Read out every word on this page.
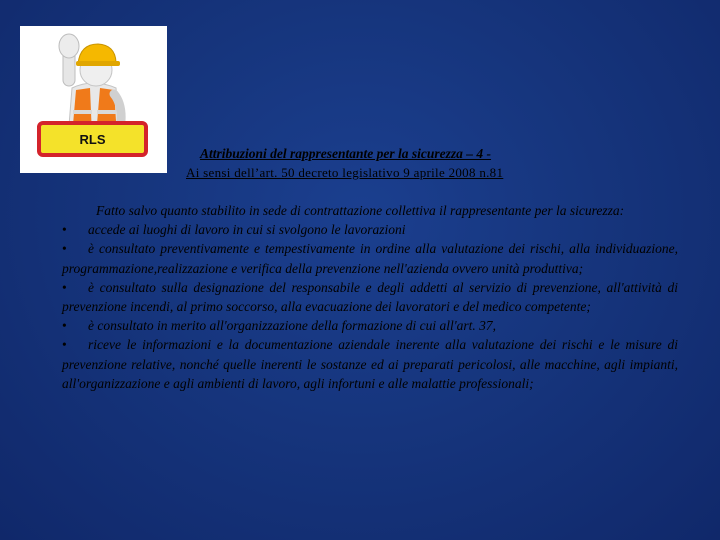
RLS
Attribuzioni del rappresentante per la sicurezza – 4 -
Ai sensi dell’art. 50 decreto legislativo 9 aprile 2008 n.81

Fatto salvo quanto stabilito in sede di contrattazione collettiva il rappresentante per la sicurezza:

• accede ai luoghi di lavoro in cui si svolgono le lavorazioni

• è consultato preventivamente e tempestivamente in ordine alla valutazione dei rischi, alla individuazione, programmazione,realizzazione e verifica della prevenzione nell'azienda ovvero unità produttiva;

• è consultato sulla designazione del responsabile e degli addetti al servizio di prevenzione, all'attività di prevenzione incendi, al primo soccorso, alla evacuazione dei lavoratori e del medico competente;

• è consultato in merito all'organizzazione della formazione di cui all'art. 37,

• riceve le informazioni e la documentazione aziendale inerente alla valutazione dei rischi e le misure di prevenzione relative, nonché quelle inerenti le sostanze ed ai preparati pericolosi, alle macchine, agli impianti, all'organizzazione e agli ambienti di lavoro, agli infortuni e alle malattie professionali;
